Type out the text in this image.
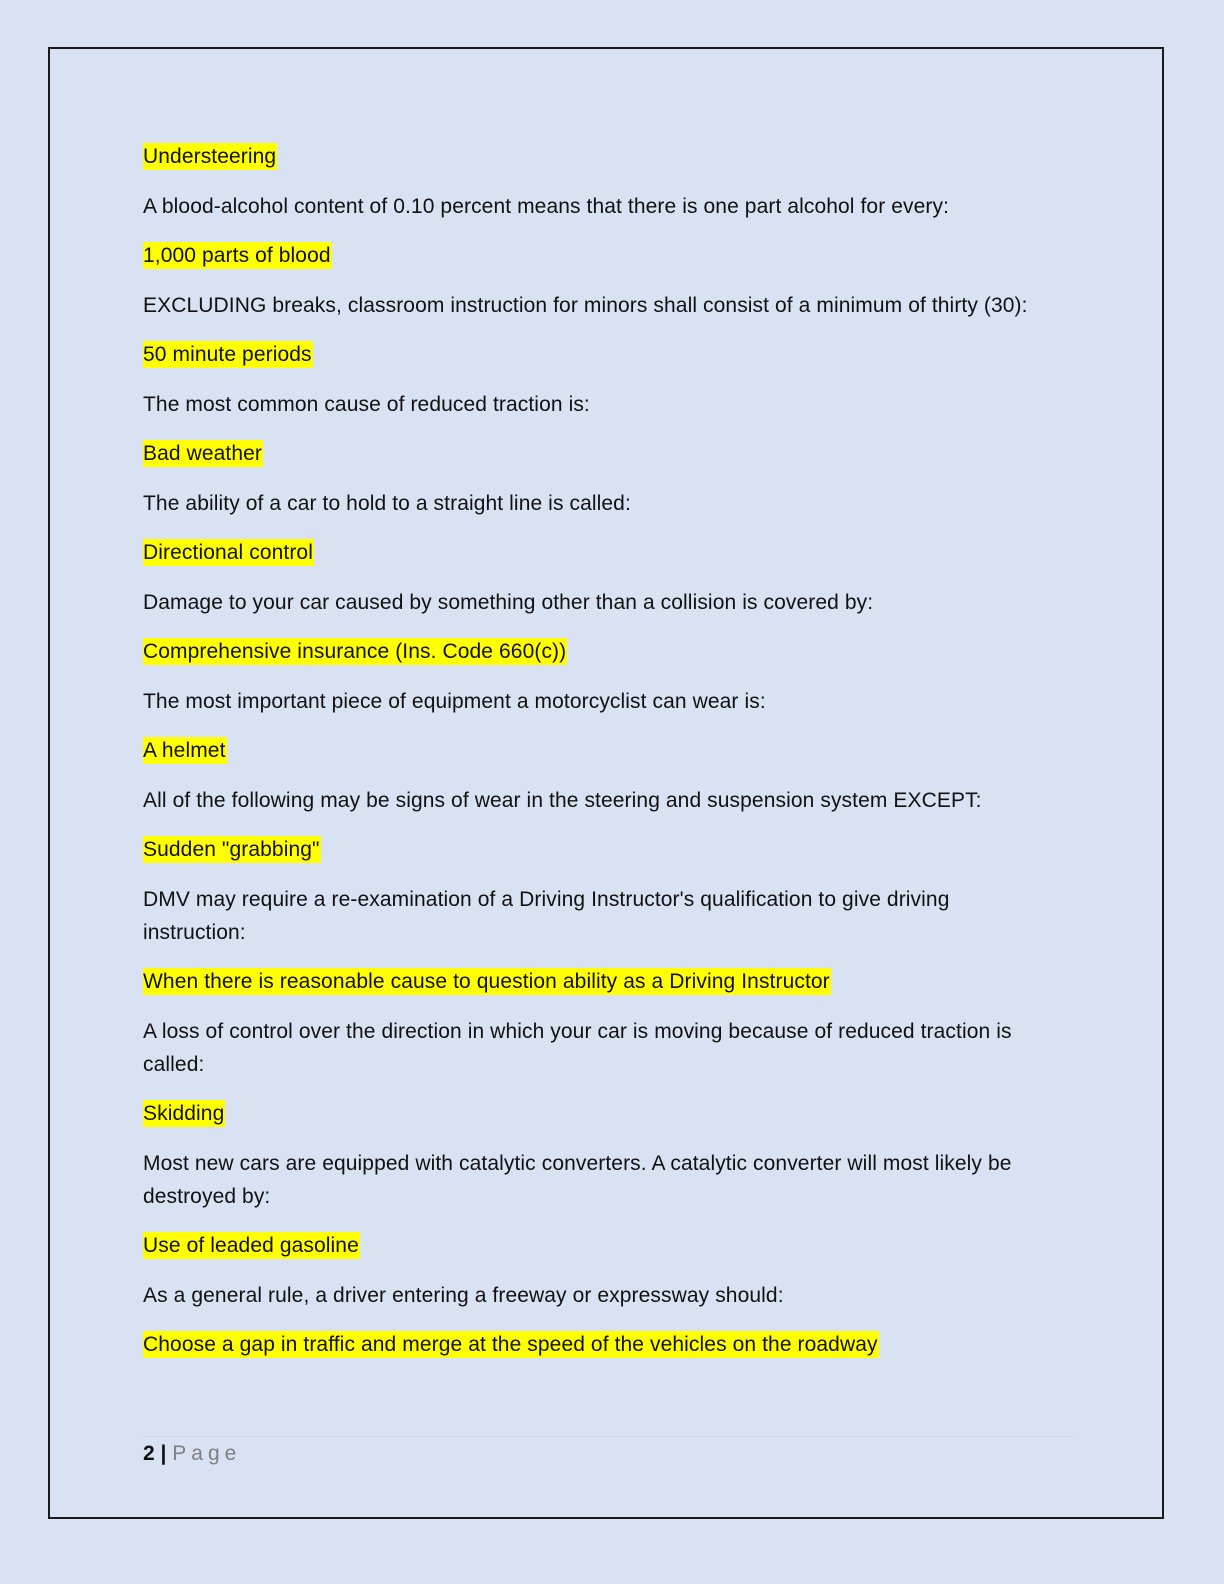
Understeering

A blood-alcohol content of 0.10 percent means that there is one part alcohol for every:

1,000 parts of blood

EXCLUDING breaks, classroom instruction for minors shall consist of a minimum of thirty (30):

50 minute periods

The most common cause of reduced traction is:

Bad weather

The ability of a car to hold to a straight line is called:

Directional control

Damage to your car caused by something other than a collision is covered by:

Comprehensive insurance (Ins. Code 660(c))

The most important piece of equipment a motorcyclist can wear is:

A helmet

All of the following may be signs of wear in the steering and suspension system EXCEPT:

Sudden "grabbing"

DMV may require a re-examination of a Driving Instructor's qualification to give driving instruction:

When there is reasonable cause to question ability as a Driving Instructor

A loss of control over the direction in which your car is moving because of reduced traction is called:

Skidding

Most new cars are equipped with catalytic converters. A catalytic converter will most likely be destroyed by:

Use of leaded gasoline

As a general rule, a driver entering a freeway or expressway should:

Choose a gap in traffic and merge at the speed of the vehicles on the roadway

2 | Page
